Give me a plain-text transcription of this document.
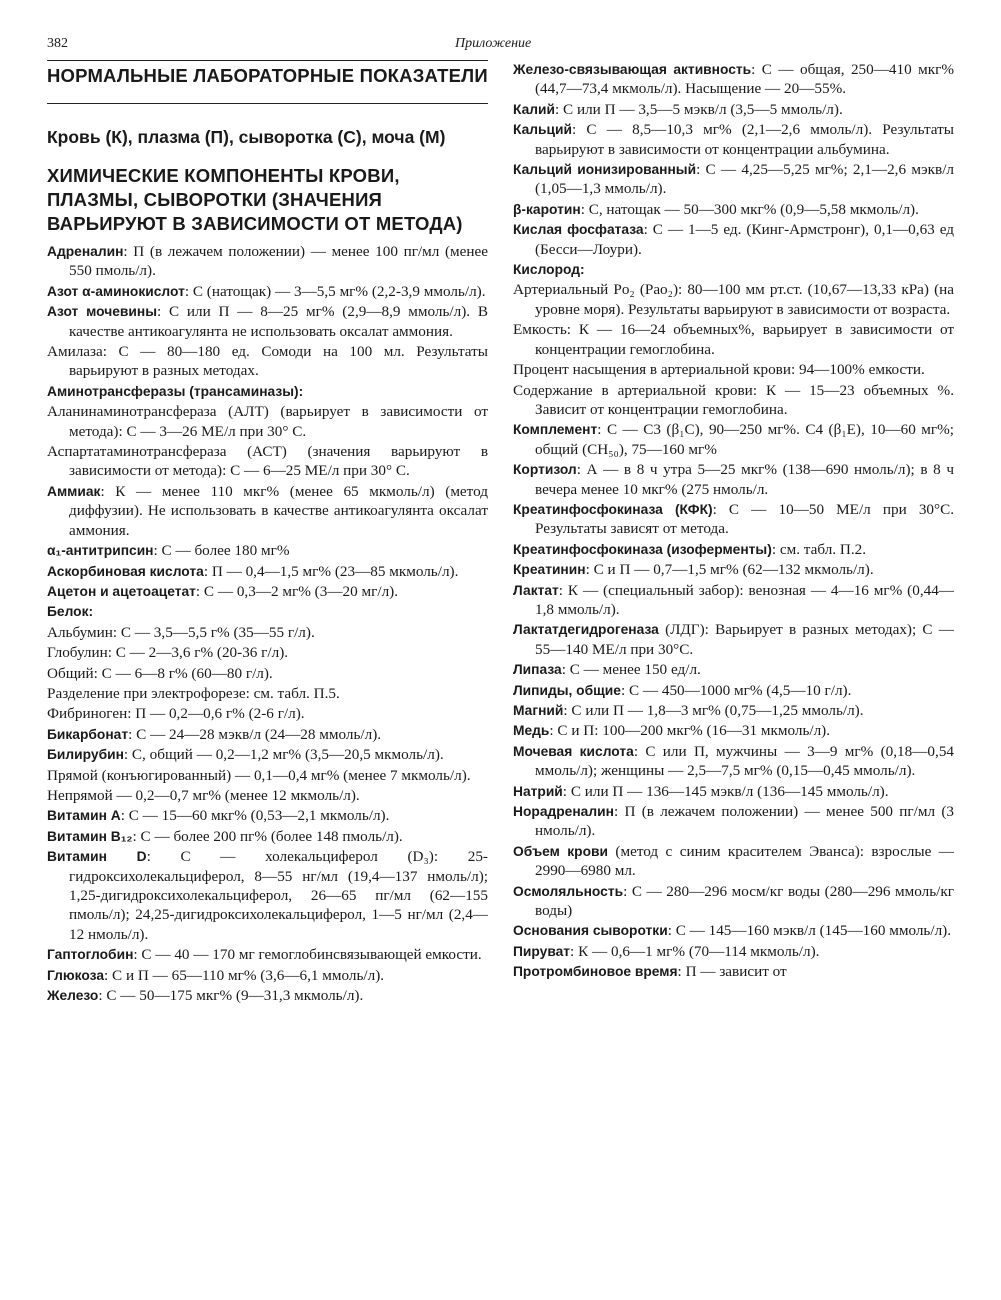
382	Приложение
НОРМАЛЬНЫЕ ЛАБОРАТОРНЫЕ ПОКАЗАТЕЛИ
Кровь (К), плазма (П), сыворотка (С), моча (М)
ХИМИЧЕСКИЕ КОМПОНЕНТЫ КРОВИ, ПЛАЗМЫ, СЫВОРОТКИ (ЗНАЧЕНИЯ ВАРЬИРУЮТ В ЗАВИСИМОСТИ ОТ МЕТОДА)

Адреналин: П (в лежачем положении) — менее 100 пг/мл (менее 550 пмоль/л).

Азот α-аминокислот: С (натощак) — 3—5,5 мг% (2,2-3,9 ммоль/л).

Азот мочевины: С или П — 8—25 мг% (2,9—8,9 ммоль/л). В качестве антикоагулянта не использовать оксалат аммония.

Амилаза: С — 80—180 ед. Сомоди на 100 мл. Результаты варьируют в разных методах.

Аминотрансферазы (трансаминазы):

Аланинаминотрансфераза (АЛТ) (варьирует в зависимости от метода): С — 3—26 МЕ/л при 30° С.

Аспартатаминотрансфераза (АСТ) (значения варьируют в зависимости от метода): С — 6—25 МЕ/л при 30° С.

Аммиак: К — менее 110 мкг% (менее 65 мкмоль/л) (метод диффузии). Не использовать в качестве антикоагулянта оксалат аммония.

α₁-антитрипсин: С — более 180 мг%

Аскорбиновая кислота: П — 0,4—1,5 мг% (23—85 мкмоль/л).

Ацетон и ацетоацетат: С — 0,3—2 мг% (3—20 мг/л).

Белок:

Альбумин: С — 3,5—5,5 г% (35—55 г/л).

Глобулин: С — 2—3,6 г% (20-36 г/л).

Общий: С — 6—8 г% (60—80 г/л).

Разделение при электрофорезе: см. табл. П.5.

Фибриноген: П — 0,2—0,6 г% (2-6 г/л).

Бикарбонат: С — 24—28 мэкв/л (24—28 ммоль/л).

Билирубин: С, общий — 0,2—1,2 мг% (3,5—20,5 мкмоль/л).

Прямой (конъюгированный) — 0,1—0,4 мг% (менее 7 мкмоль/л).

Непрямой — 0,2—0,7 мг% (менее 12 мкмоль/л).

Витамин А: С — 15—60 мкг% (0,53—2,1 мкмоль/л).

Витамин В₁₂: С — более 200 пг% (более 148 пмоль/л).

Витамин D: С — холекальциферол (D₃): 25-гидроксихолекальциферол, 8—55 нг/мл (19,4—137 нмоль/л); 1,25-дигидроксихолекальциферол, 26—65 пг/мл (62—155 пмоль/л); 24,25-дигидроксихолекальциферол, 1—5 нг/мл (2,4—12 нмоль/л).

Гаптоглобин: С — 40 — 170 мг гемоглобинсвязывающей емкости.

Глюкоза: С и П — 65—110 мг% (3,6—6,1 ммоль/л).

Железо: С — 50—175 мкг% (9—31,3 мкмоль/л).

Железо-связывающая активность: С — общая, 250—410 мкг% (44,7—73,4 мкмоль/л). Насыщение — 20—55%.

Калий: С или П — 3,5—5 мэкв/л (3,5—5 ммоль/л).

Кальций: С — 8,5—10,3 мг% (2,1—2,6 ммоль/л). Результаты варьируют в зависимости от концентрации альбумина.

Кальций ионизированный: С — 4,25—5,25 мг%; 2,1—2,6 мэкв/л (1,05—1,3 ммоль/л).

β-каротин: С, натощак — 50—300 мкг% (0,9—5,58 мкмоль/л).

Кислая фосфатаза: С — 1—5 ед. (Кинг-Армстронг), 0,1—0,63 ед (Бесси—Лоури).

Кислород:

Артериальный Pо₂ (Pао₂): 80—100 мм рт.ст. (10,67—13,33 кРа) (на уровне моря). Результаты варьируют в зависимости от возраста.

Емкость: К — 16—24 объемных%, варьирует в зависимости от концентрации гемоглобина.

Процент насыщения в артериальной крови: 94—100% емкости.

Содержание в артериальной крови: К — 15—23 объемных %. Зависит от концентрации гемоглобина.

Комплемент: С — С3 (β₁С), 90—250 мг%. С4 (β₁Е), 10—60 мг%; общий (СН₅₀), 75—160 мг%

Кортизол: А — в 8 ч утра 5—25 мкг% (138—690 нмоль/л); в 8 ч вечера менее 10 мкг% (275 нмоль/л.

Креатинфосфокиназа (КФК): С — 10—50 МЕ/л при 30°С. Результаты зависят от метода.

Креатинфосфокиназа (изоферменты): см. табл. П.2.

Креатинин: С и П — 0,7—1,5 мг% (62—132 мкмоль/л).

Лактат: К — (специальный забор): венозная — 4—16 мг% (0,44—1,8 ммоль/л).

Лактатдегидрогеназа (ЛДГ): Варьирует в разных методах); С — 55—140 МЕ/л при 30°С.

Липаза: С — менее 150 ед/л.

Липиды, общие: С — 450—1000 мг% (4,5—10 г/л).

Магний: С или П — 1,8—3 мг% (0,75—1,25 ммоль/л).

Медь: С и П: 100—200 мкг% (16—31 мкмоль/л).

Мочевая кислота: С или П, мужчины — 3—9 мг% (0,18—0,54 ммоль/л); женщины — 2,5—7,5 мг% (0,15—0,45 ммоль/л).

Натрий: С или П — 136—145 мэкв/л (136—145 ммоль/л).

Норадреналин: П (в лежачем положении) — менее 500 пг/мл (3 нмоль/л).

Объем крови (метод с синим красителем Эванса): взрослые — 2990—6980 мл.

Осмоляльность: С — 280—296 мосм/кг воды (280—296 ммоль/кг воды)

Основания сыворотки: С — 145—160 мэкв/л (145—160 ммоль/л).

Пируват: К — 0,6—1 мг% (70—114 мкмоль/л).

Протромбиновое время: П — зависит от
